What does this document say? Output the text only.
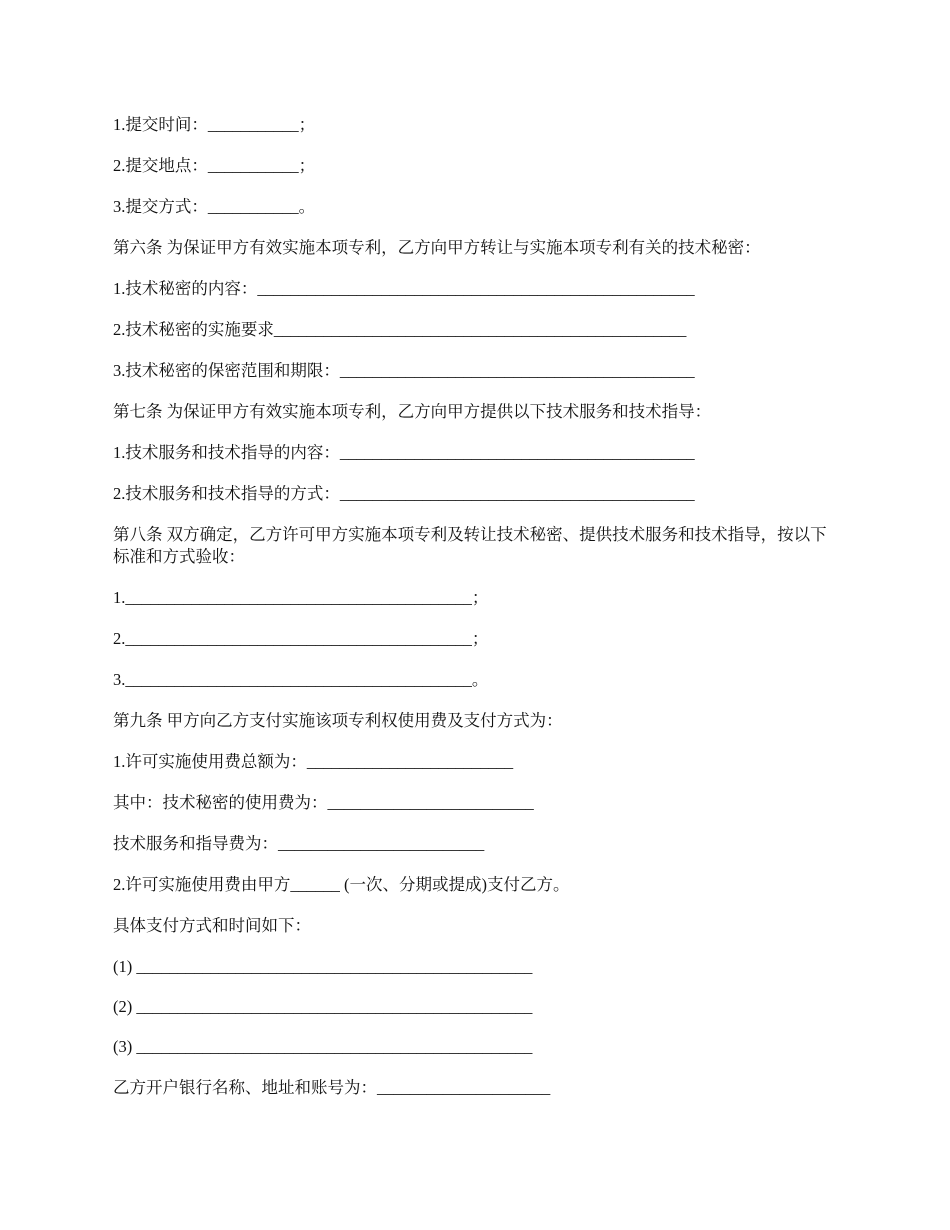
1.提交时间：___________；
2.提交地点：___________；
3.提交方式：___________。
第六条 为保证甲方有效实施本项专利，乙方向甲方转让与实施本项专利有关的技术秘密：
1.技术秘密的内容：_____________________________________________________
2.技术秘密的实施要求__________________________________________________
3.技术秘密的保密范围和期限：___________________________________________
第七条 为保证甲方有效实施本项专利，乙方向甲方提供以下技术服务和技术指导：
1.技术服务和技术指导的内容：___________________________________________
2.技术服务和技术指导的方式：___________________________________________
第八条 双方确定，乙方许可甲方实施本项专利及转让技术秘密、提供技术服务和技术指导，按以下标准和方式验收：
1.__________________________________________；
2.__________________________________________；
3.__________________________________________。
第九条 甲方向乙方支付实施该项专利权使用费及支付方式为：
1.许可实施使用费总额为：_________________________
其中：技术秘密的使用费为：_________________________
技术服务和指导费为：_________________________
2.许可实施使用费由甲方______ (一次、分期或提成)支付乙方。
具体支付方式和时间如下：
(1) ________________________________________________
(2) ________________________________________________
(3) ________________________________________________
乙方开户银行名称、地址和账号为：_____________________
